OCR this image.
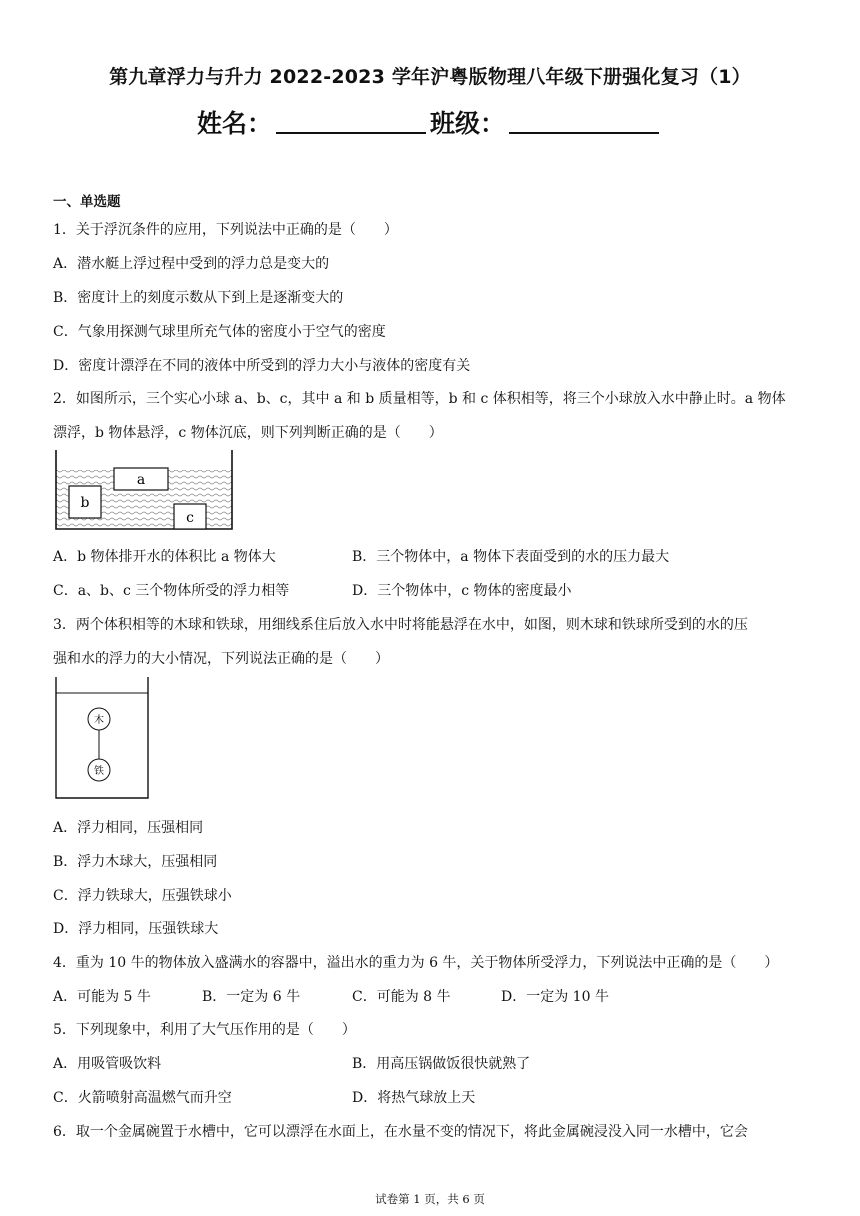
第九章浮力与升力 2022-2023 学年沪粤版物理八年级下册强化复习（1）
姓名：	班级：
一、单选题
1．关于浮沉条件的应用，下列说法中正确的是（　　）
A．潜水艇上浮过程中受到的浮力总是变大的
B．密度计上的刻度示数从下到上是逐渐变大的
C．气象用探测气球里所充气体的密度小于空气的密度
D．密度计漂浮在不同的液体中所受到的浮力大小与液体的密度有关
2．如图所示，三个实心小球 a、b、c，其中 a 和 b 质量相等，b 和 c 体积相等，将三个小球放入水中静止时。a 物体
漂浮，b 物体悬浮，c 物体沉底，则下列判断正确的是（　　）
a
b
c
A．b 物体排开水的体积比 a 物体大	B．三个物体中，a 物体下表面受到的水的压力最大
C．a、b、c 三个物体所受的浮力相等	D．三个物体中，c 物体的密度最小
3．两个体积相等的木球和铁球，用细线系住后放入水中时将能悬浮在水中，如图，则木球和铁球所受到的水的压
强和水的浮力的大小情况，下列说法正确的是（　　）
木
铁
A．浮力相同，压强相同
B．浮力木球大，压强相同
C．浮力铁球大，压强铁球小
D．浮力相同，压强铁球大
4．重为 10 牛的物体放入盛满水的容器中，溢出水的重力为 6 牛，关于物体所受浮力，下列说法中正确的是（　　）
A．可能为 5 牛	B．一定为 6 牛	C．可能为 8 牛	D．一定为 10 牛
5．下列现象中，利用了大气压作用的是（　　）
A．用吸管吸饮料	B．用高压锅做饭很快就熟了
C．火箭喷射高温燃气而升空	D．将热气球放上天
6．取一个金属碗置于水槽中，它可以漂浮在水面上，在水量不变的情况下，将此金属碗浸没入同一水槽中，它会
试卷第 1 页，共 6 页
